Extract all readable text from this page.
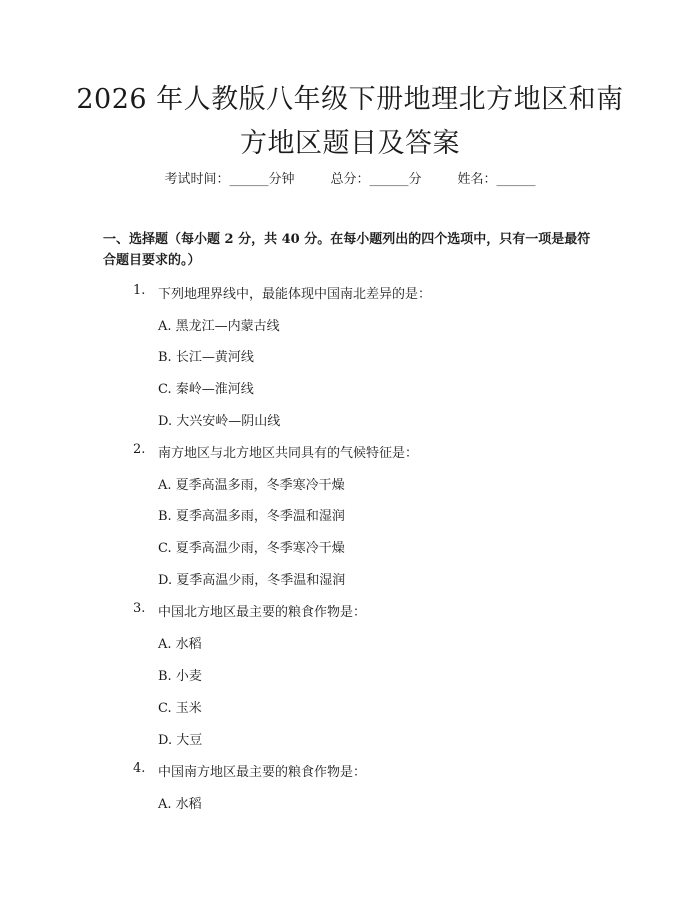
2026 年人教版八年级下册地理北方地区和南
方地区题目及答案
考试时间：______分钟	总分：______分	姓名：______
一、选择题（每小题 2 分，共 40 分。在每小题列出的四个选项中，只有一项是最符合题目要求的。）
1. 下列地理界线中，最能体现中国南北差异的是：
A. 黑龙江—内蒙古线
B. 长江—黄河线
C. 秦岭—淮河线
D. 大兴安岭—阴山线
2. 南方地区与北方地区共同具有的气候特征是：
A. 夏季高温多雨，冬季寒冷干燥
B. 夏季高温多雨，冬季温和湿润
C. 夏季高温少雨，冬季寒冷干燥
D. 夏季高温少雨，冬季温和湿润
3. 中国北方地区最主要的粮食作物是：
A. 水稻
B. 小麦
C. 玉米
D. 大豆
4. 中国南方地区最主要的粮食作物是：
A. 水稻
